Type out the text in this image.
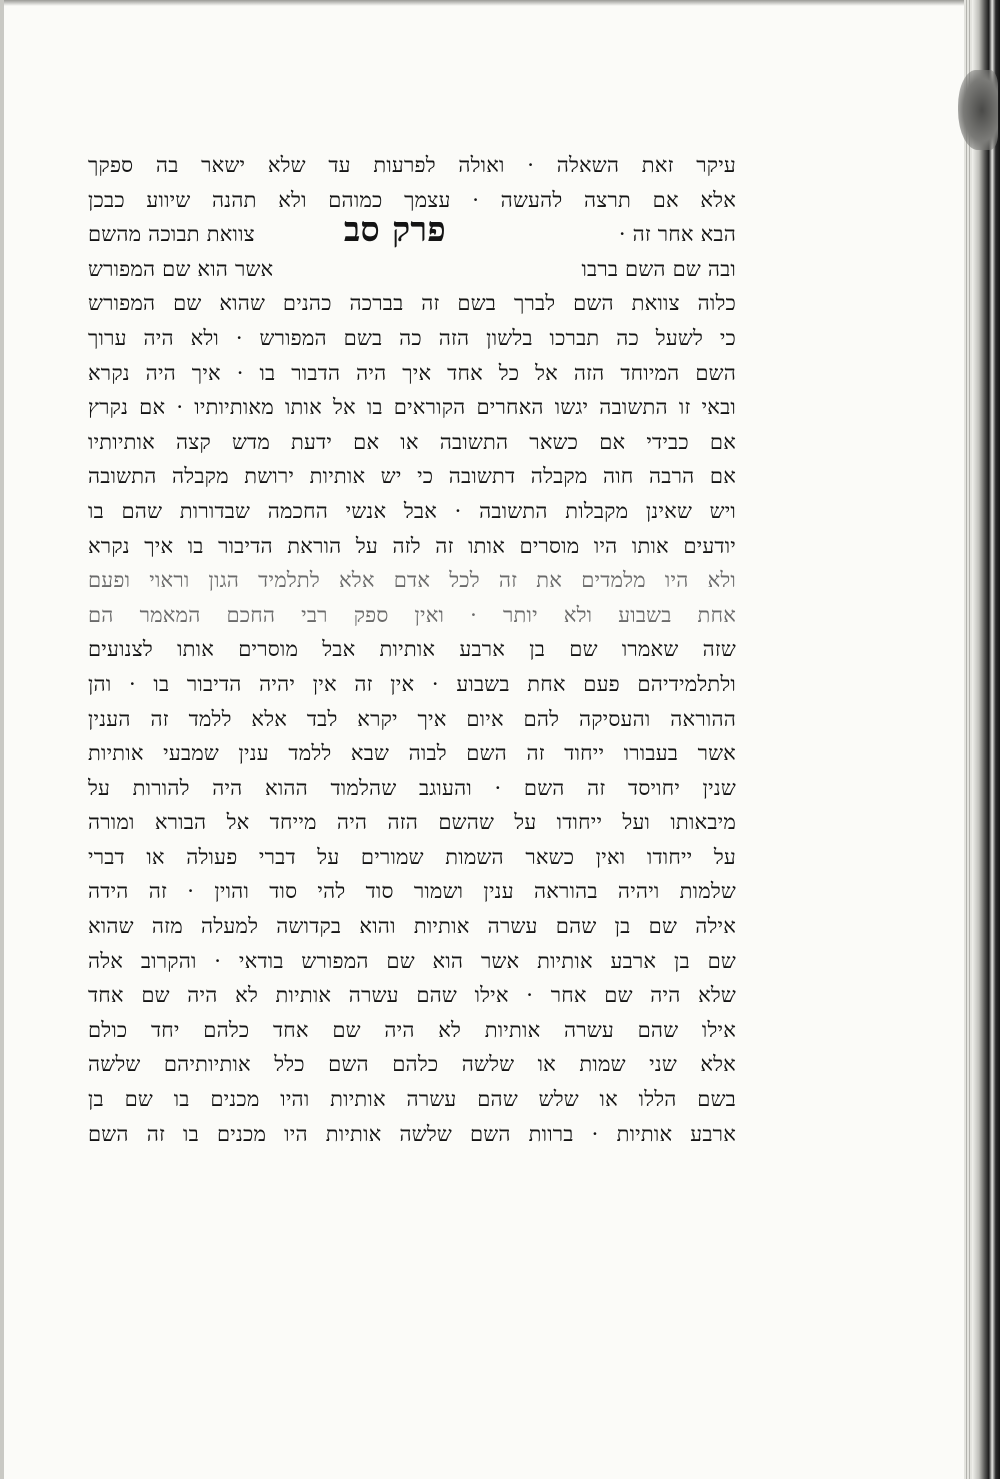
עיקר זאת השאלה · ואולה לפרעות עד שלא ישאר בה ספקך
אלא אם תרצה להעשה · עצמך כמוהם ולא תהנה שיווע כבכן
הבא אחר זה ·
פרק סב
צוואת תבוכה מהשם
ובה שם השם ברבו
אשר הוא שם המפורש
כלוה צוואת השם לברך בשם זה בברכה כהנים שהוא שם המפורש
כי לשעל כה תברכו בלשון הזה כה בשם המפורש · ולא היה ערוך
השם המיוחד הזה אל כל אחד איך היה הדבור בו · איך היה נקרא
ובאי זו התשובה יגשו האחרים הקוראים בו אל אותו מאותיותיו · אם נקרץ
אם כבידי אם כשאר התשובה או אם ידעת מדש קצה אותיותיו
אם הרבה חוה מקבלה דתשובה כי יש אותיות ירושת מקבלה התשובה
ויש שאינן מקבלות התשובה · אבל אנשי החכמה שבדורות שהם בו
יודעים אותו היו מוסרים אותו זה לזה על הוראת הדיבור בו איך נקרא
ולא היו מלמדים את זה לכל אדם אלא לתלמיד הגון וראוי ופעם
אחת בשבוע ולא יותר · ואין ספק רבי החכם המאמר הם
שזה שאמרו שם בן ארבע אותיות אבל מוסרים אותו לצנועים
ולתלמידיהם פעם אחת בשבוע · אין זה אין יהיה הדיבור בו · והן
ההוראה והעסיקה להם איום איך יקרא לבד אלא ללמד זה הענין
אשר בעבורו ייחוד זה השם לבוה שבא ללמד ענין שמבעי אותיות
שנין יחויסד זה השם · והעוגב שהלמוד ההוא היה להורות על
מיבאותו ועל ייחודו על שהשם הזה היה מייחד אל הבורא ומורה
על ייחודו ואין כשאר השמות שמורים על דברי פעולה או דברי
שלמות ויהיה בהוראה ענין ושמור סוד להי סוד והוין · זה הידה
אילה שם בן שהם עשרה אותיות והוא בקדושה למעלה מזה שהוא
שם בן ארבע אותיות אשר הוא שם המפורש בודאי · והקרוב אלה
שלא היה שם אחר · אילו שהם עשרה אותיות לא היה שם אחד
אילו שהם עשרה אותיות לא היה שם אחד כלהם יחד כולם
אלא שני שמות או שלשה כלהם השם כלל אותיותיהם שלשה
בשם הללו או שלש שהם עשרה אותיות והיו מכנים בו שם בן
ארבע אותיות · ברוות השם שלשה אותיות היו מכנים בו זה השם
